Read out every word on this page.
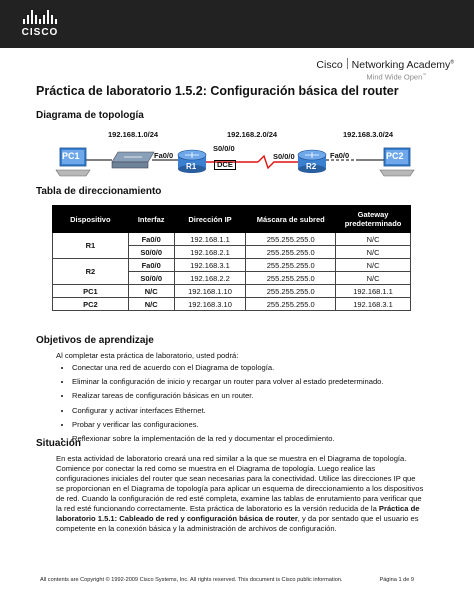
CISCO
Cisco Networking Academy®
Mind Wide Open™
Práctica de laboratorio 1.5.2: Configuración básica del router
Diagrama de topología
192.168.1.0/24	192.168.2.0/24	192.168.3.0/24
PC1	PC2
R1	R2
Fa0/0
S0/0/0
DCE
S0/0/0	Fa0/0
Tabla de direccionamiento
Dispositivo	Interfaz	Dirección IP	Máscara de subred	Gateway predeterminado
R1	Fa0/0	192.168.1.1	255.255.255.0	N/C
	S0/0/0	192.168.2.1	255.255.255.0	N/C
R2	Fa0/0	192.168.3.1	255.255.255.0	N/C
	S0/0/0	192.168.2.2	255.255.255.0	N/C
PC1	N/C	192.168.1.10	255.255.255.0	192.168.1.1
PC2	N/C	192.168.3.10	255.255.255.0	192.168.3.1
Objetivos de aprendizaje
Al completar esta práctica de laboratorio, usted podrá:
• Conectar una red de acuerdo con el Diagrama de topología.
• Eliminar la configuración de inicio y recargar un router para volver al estado predeterminado.
• Realizar tareas de configuración básicas en un router.
• Configurar y activar interfaces Ethernet.
• Probar y verificar las configuraciones.
• Reflexionar sobre la implementación de la red y documentar el procedimiento.
Situación

En esta actividad de laboratorio creará una red similar a la que se muestra en el Diagrama de topología. Comience por conectar la red como se muestra en el Diagrama de topología. Luego realice las configuraciones iniciales del router que sean necesarias para la conectividad. Utilice las direcciones IP que se proporcionan en el Diagrama de topología para aplicar un esquema de direccionamiento a los dispositivos de red. Cuando la configuración de red esté completa, examine las tablas de enrutamiento para verificar que la red esté funcionando correctamente. Esta práctica de laboratorio es la versión reducida de la Práctica de laboratorio 1.5.1: Cableado de red y configuración básica de router, y da por sentado que el usuario es competente en la conexión básica y la administración de archivos de configuración.

All contents are Copyright © 1992-2009 Cisco Systems, Inc. All rights reserved. This document is Cisco public information.	Página 1 de 9
